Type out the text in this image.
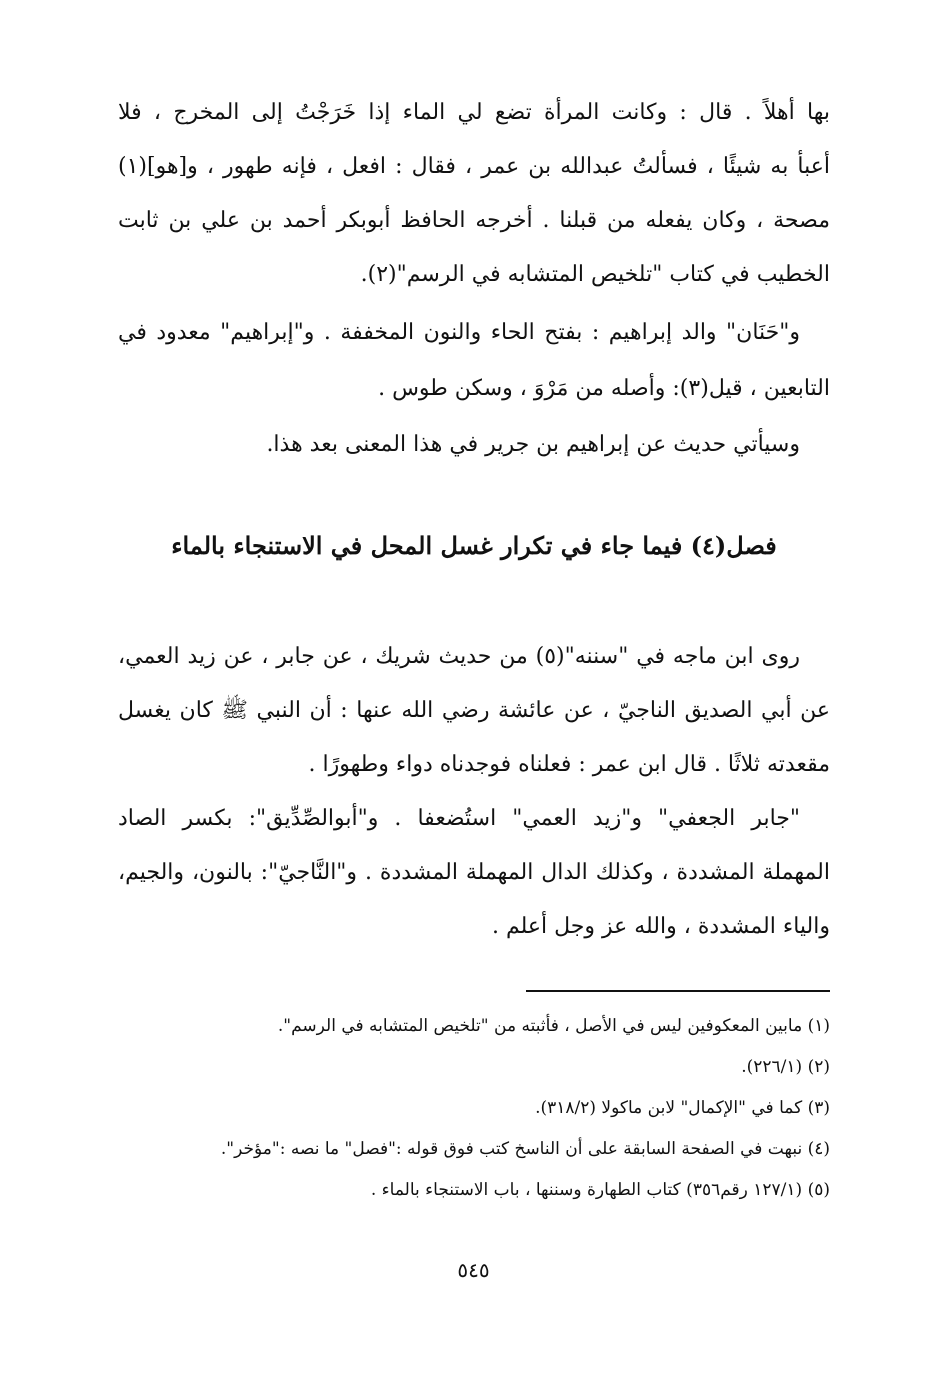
بها أهلاً . قال : وكانت المرأة تضع لي الماء إذا خَرَجْتُ إلى المخرج ، فلا
أعبأ به شيئًا ، فسألتُ عبدالله بن عمر ، فقال : افعل ، فإنه طهور ، و[هو](١)
مصحة ، وكان يفعله من قبلنا . أخرجه الحافظ أبوبكر أحمد بن علي بن ثابت
الخطيب في كتاب "تلخيص المتشابه في الرسم"(٢).
و"حَنَان" والد إبراهيم : بفتح الحاء والنون المخففة . و"إبراهيم" معدود في
التابعين ، قيل(٣): وأصله من مَرْوَ ، وسكن طوس .
وسيأتي حديث عن إبراهيم بن جرير في هذا المعنى بعد هذا.
فصل(٤) فيما جاء في تكرار غسل المحل في الاستنجاء بالماء
روى ابن ماجه في "سننه"(٥) من حديث شريك ، عن جابر ، عن زيد العمي،
عن أبي الصديق الناجيّ ، عن عائشة رضي الله عنها : أن النبي ﷺ كان يغسل
مقعدته ثلاثًا . قال ابن عمر : فعلناه فوجدناه دواء وطهورًا .
"جابر الجعفي" و"زيد العمي" استُضعفا . و"أبوالصِّدِّيق": بكسر الصاد
المهملة المشددة ، وكذلك الدال المهملة المشددة . و"النَّاجيّ": بالنون، والجيم،
والياء المشددة ، والله عز وجل أعلم .
(١) مابين المعكوفين ليس في الأصل ، فأثبته من "تلخيص المتشابه في الرسم".
(٢) (٢٢٦/١).
(٣) كما في "الإكمال" لابن ماكولا (٣١٨/٢).
(٤) نبهت في الصفحة السابقة على أن الناسخ كتب فوق قوله :"فصل" ما نصه :"مؤخر".
(٥) (١٢٧/١ رقم٣٥٦) كتاب الطهارة وسننها ، باب الاستنجاء بالماء .
٥٤٥
